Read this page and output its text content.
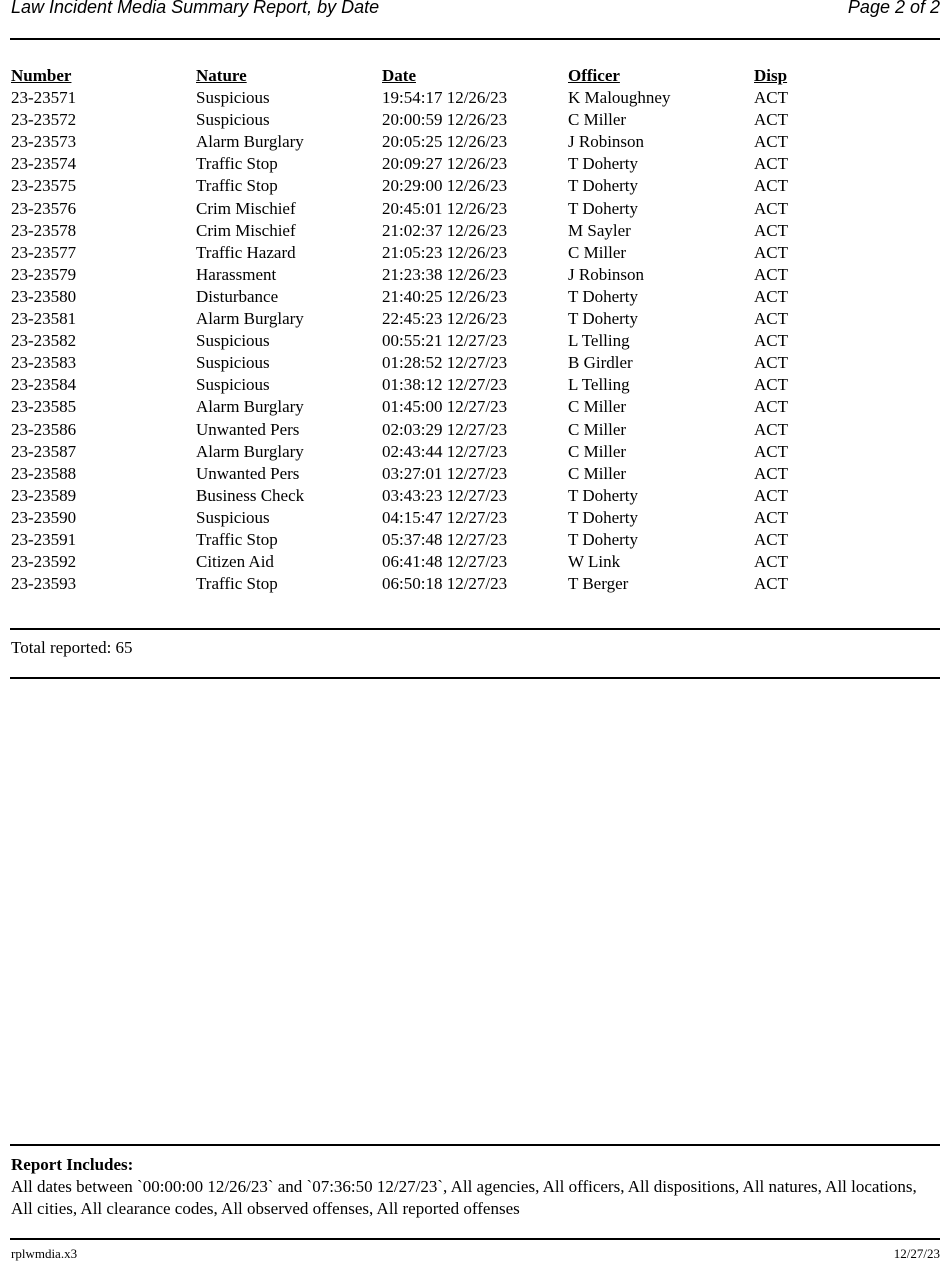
Law Incident Media Summary Report, by Date	Page 2 of 2
Number	Nature	Date	Officer	Disp
23-23571	Suspicious	19:54:17 12/26/23	K Maloughney	ACT
23-23572	Suspicious	20:00:59 12/26/23	C Miller	ACT
23-23573	Alarm Burglary	20:05:25 12/26/23	J Robinson	ACT
23-23574	Traffic Stop	20:09:27 12/26/23	T Doherty	ACT
23-23575	Traffic Stop	20:29:00 12/26/23	T Doherty	ACT
23-23576	Crim Mischief	20:45:01 12/26/23	T Doherty	ACT
23-23578	Crim Mischief	21:02:37 12/26/23	M Sayler	ACT
23-23577	Traffic Hazard	21:05:23 12/26/23	C Miller	ACT
23-23579	Harassment	21:23:38 12/26/23	J Robinson	ACT
23-23580	Disturbance	21:40:25 12/26/23	T Doherty	ACT
23-23581	Alarm Burglary	22:45:23 12/26/23	T Doherty	ACT
23-23582	Suspicious	00:55:21 12/27/23	L Telling	ACT
23-23583	Suspicious	01:28:52 12/27/23	B Girdler	ACT
23-23584	Suspicious	01:38:12 12/27/23	L Telling	ACT
23-23585	Alarm Burglary	01:45:00 12/27/23	C Miller	ACT
23-23586	Unwanted Pers	02:03:29 12/27/23	C Miller	ACT
23-23587	Alarm Burglary	02:43:44 12/27/23	C Miller	ACT
23-23588	Unwanted Pers	03:27:01 12/27/23	C Miller	ACT
23-23589	Business Check	03:43:23 12/27/23	T Doherty	ACT
23-23590	Suspicious	04:15:47 12/27/23	T Doherty	ACT
23-23591	Traffic Stop	05:37:48 12/27/23	T Doherty	ACT
23-23592	Citizen Aid	06:41:48 12/27/23	W Link	ACT
23-23593	Traffic Stop	06:50:18 12/27/23	T Berger	ACT
Total reported: 65
Report Includes:
All dates between `00:00:00 12/26/23` and `07:36:50 12/27/23`, All agencies, All officers, All dispositions, All natures, All locations, All cities, All clearance codes, All observed offenses, All reported offenses
rplwmdia.x3	12/27/23
